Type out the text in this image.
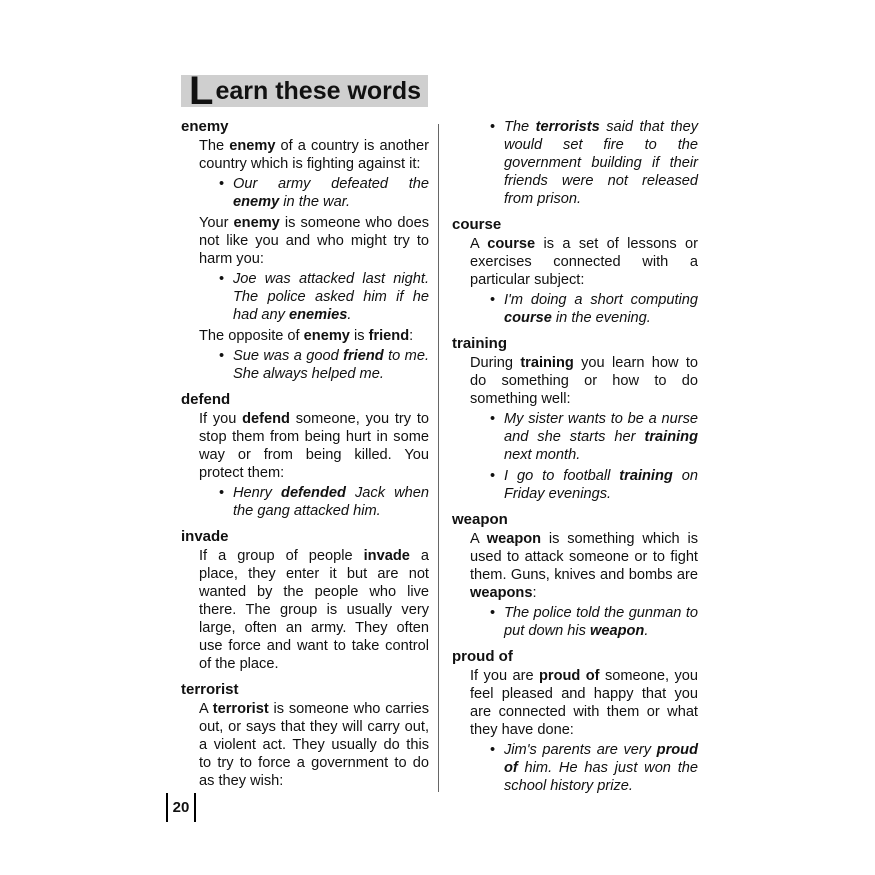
L earn these words
enemy
The enemy of a country is another country which is fighting against it:
• Our army defeated the enemy in the war.
Your enemy is someone who does not like you and who might try to harm you:
• Joe was attacked last night. The police asked him if he had any enemies.
The opposite of enemy is friend:
• Sue was a good friend to me. She always helped me.
defend
If you defend someone, you try to stop them from being hurt in some way or from being killed. You protect them:
• Henry defended Jack when the gang attacked him.
invade
If a group of people invade a place, they enter it but are not wanted by the people who live there. The group is usually very large, often an army. They often use force and want to take control of the place.
terrorist
A terrorist is someone who carries out, or says that they will carry out, a violent act. They usually do this to try to force a government to do as they wish:
• The terrorists said that they would set fire to the government building if their friends were not released from prison.
course
A course is a set of lessons or exercises connected with a particular subject:
• I'm doing a short computing course in the evening.
training
During training you learn how to do something or how to do something well:
• My sister wants to be a nurse and she starts her training next month.
• I go to football training on Friday evenings.
weapon
A weapon is something which is used to attack someone or to fight them. Guns, knives and bombs are weapons:
• The police told the gunman to put down his weapon.
proud of
If you are proud of someone, you feel pleased and happy that you are connected with them or what they have done:
• Jim's parents are very proud of him. He has just won the school history prize.
20
